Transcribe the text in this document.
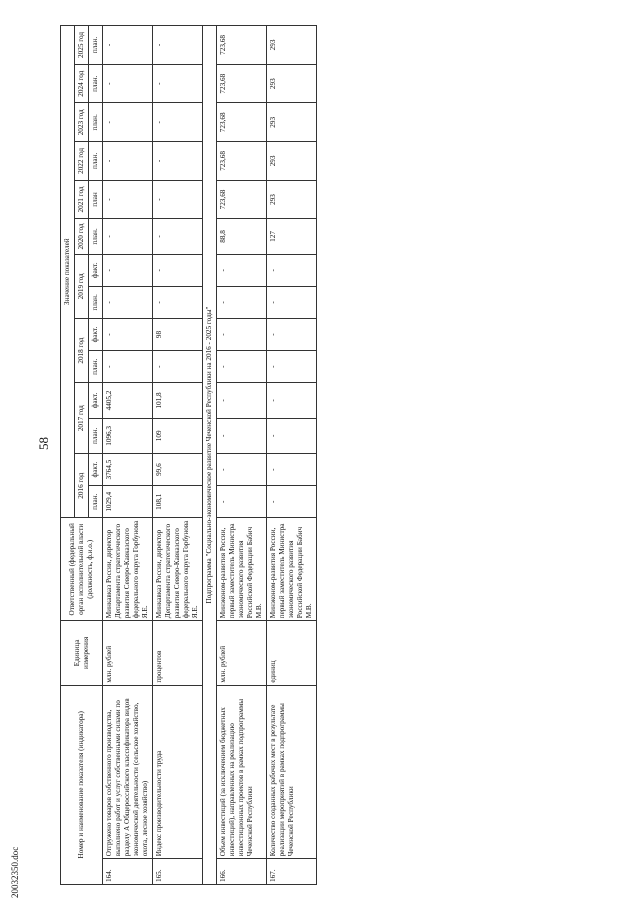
58
20032350.doc
Номер и наименование показателя (индикатора)		Единица измерения	Ответственный (федеральный орган исполнительной власти (должность, ф.и.о.)	Значение показателей													
				2016 год		2017 год		2018 год		2019 год		2020 год	2021 год	2022 год	2023 год	2024 год	2025 год
				план.	факт.	план.	факт.	план.	факт.	план.	факт.	план.	план	план.	план.	план.	план.
164.	Отгружено товаров собственного производства, выполнено работ и услуг собственными силами по разделу А Общероссийского классификатора видов экономической деятельности (сельское хозяйство, охота, лесное хозяйство)	млн. рублей	Минкавказ России, директор Департамента стратегического развития Северо-Кавказского федерального округа Горбунова Я.Е.	1029,4	3764,5	1096,3	4405,2	-	-	-	-	-	-	-	-	-	-
165.	Индекс производительности труда	процентов	Минкавказ России, директор Департамента стратегического развития Северо-Кавказского федерального округа Горбунова Я.Е.	108,1	99,6	109	101,8	-	98	-	-	-	-	-	-	-	-
Подпрограмма "Социально-экономическое развитие Чеченской Республики на 2016 - 2025 годы"																	
166.	Объем инвестиций (за исключением бюджетных инвестиций), направленных на реализацию инвестиционных проектов в рамках подпрограммы Чеченской Республики	млн. рублей	Минэконом-развития России, первый заместитель Министра экономического развития Российской Федерации Бабич М.В.	-	-	-	-	-	-	-	-	88,8	723,68	723,68	723,68	723,68	723,68
167.	Количество созданных рабочих мест в результате реализации мероприятий в рамках подпрограммы Чеченской Республики	единиц	Минэконом-развития России, первый заместитель Министра экономического развития Российской Федерации Бабич М.В.	-	-	-	-	-	-	-	-	127	293	293	293	293	293
